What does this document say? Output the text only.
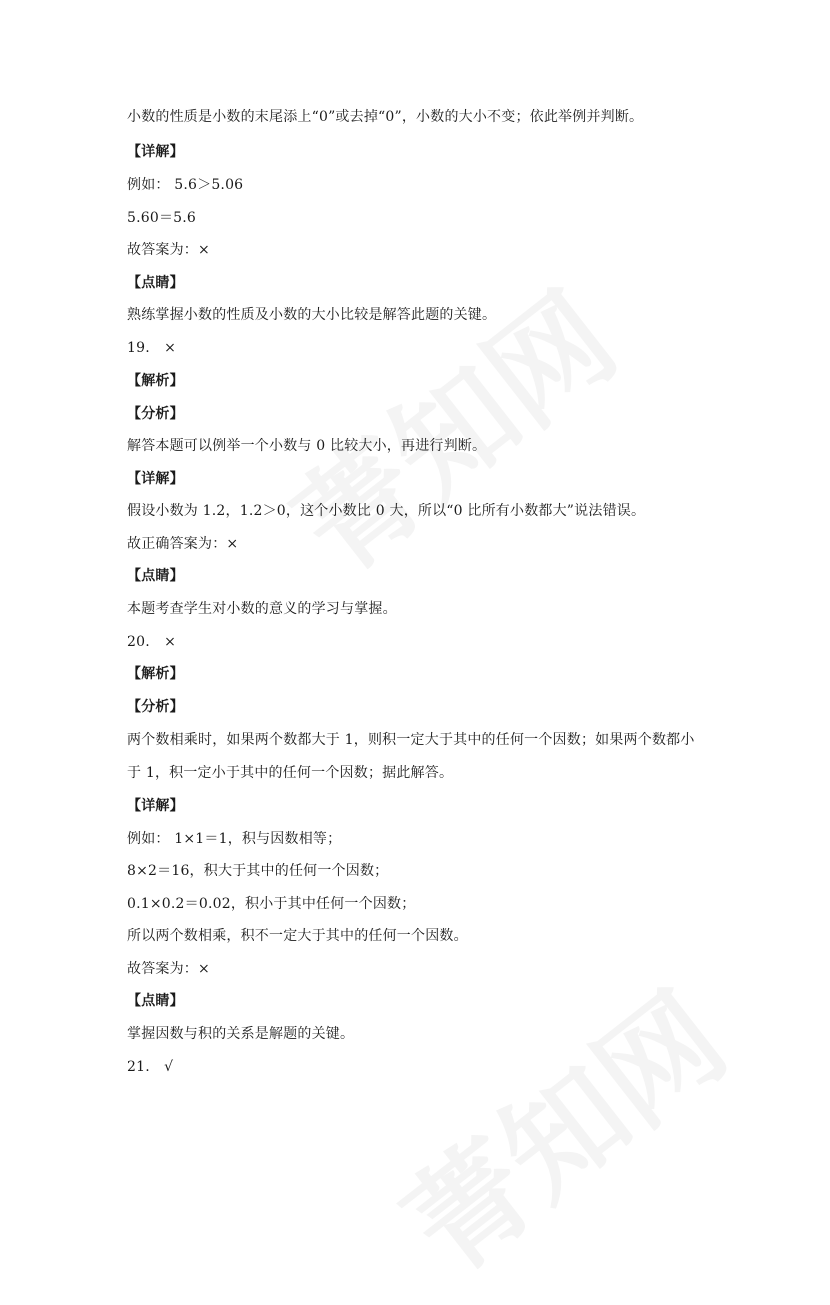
小数的性质是小数的末尾添上“0”或去掉“0”，小数的大小不变；依此举例并判断。
【详解】
例如： 5.6＞5.06
5.60＝5.6
故答案为：×
【点睛】
熟练掌握小数的性质及小数的大小比较是解答此题的关键。
19.　×
【解析】
【分析】
解答本题可以例举一个小数与 0 比较大小，再进行判断。
【详解】
假设小数为 1.2，1.2＞0，这个小数比 0 大，所以“0 比所有小数都大”说法错误。
故正确答案为：×
【点睛】
本题考查学生对小数的意义的学习与掌握。
20.　×
【解析】
【分析】
两个数相乘时，如果两个数都大于 1，则积一定大于其中的任何一个因数；如果两个数都小
于 1，积一定小于其中的任何一个因数；据此解答。
【详解】
例如： 1×1＝1，积与因数相等；
8×2＝16，积大于其中的任何一个因数；
0.1×0.2＝0.02，积小于其中任何一个因数；
所以两个数相乘，积不一定大于其中的任何一个因数。
故答案为：×
【点睛】
掌握因数与积的关系是解题的关键。
21.　√
